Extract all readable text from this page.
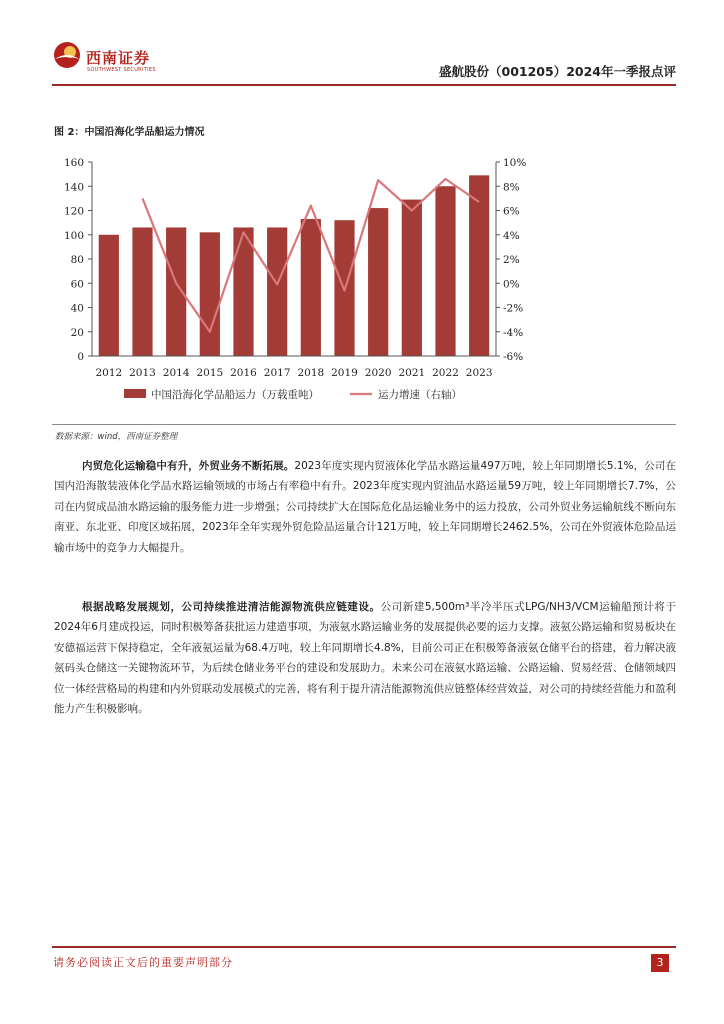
西南证券
SOUTHWEST SECURITIES	盛航股份（001205）2024年一季报点评
图 2：中国沿海化学品船运力情况
0
20
40
60
80
100
120
140
160
-6%
-4%
-2%
0%
2%
4%
6%
8%
10%
2012 2013 2014 2015 2016 2017 2018 2019 2020 2021 2022 2023
中国沿海化学品船运力（万载重吨）	运力增速（右轴）
数据来源：wind，西南证券整理

内贸危化运输稳中有升，外贸业务不断拓展。2023年度实现内贸液体化学品水路运量497万吨，较上年同期增长5.1%，公司在国内沿海散装液体化学品水路运输领域的市场占有率稳中有升。2023年度实现内贸油品水路运量59万吨，较上年同期增长7.7%，公司在内贸成品油水路运输的服务能力进一步增强；公司持续扩大在国际危化品运输业务中的运力投放，公司外贸业务运输航线不断向东南亚、东北亚、印度区域拓展，2023年全年实现外贸危险品运量合计121万吨，较上年同期增长2462.5%，公司在外贸液体危险品运输市场中的竞争力大幅提升。

根据战略发展规划，公司持续推进清洁能源物流供应链建设。公司新建5,500m³半冷半压式LPG/NH3/VCM运输船预计将于2024年6月建成投运，同时积极筹备获批运力建造事项，为液氨水路运输业务的发展提供必要的运力支撑。液氨公路运输和贸易板块在安德福运营下保持稳定，全年液氨运量为68.4万吨，较上年同期增长4.8%，目前公司正在积极筹备液氨仓储平台的搭建，着力解决液氨码头仓储这一关键物流环节，为后续仓储业务平台的建设和发展助力。未来公司在液氨水路运输、公路运输、贸易经营、仓储领域四位一体经营格局的构建和内外贸联动发展模式的完善，将有利于提升清洁能源物流供应链整体经营效益，对公司的持续经营能力和盈利能力产生积极影响。

请务必阅读正文后的重要声明部分	3
